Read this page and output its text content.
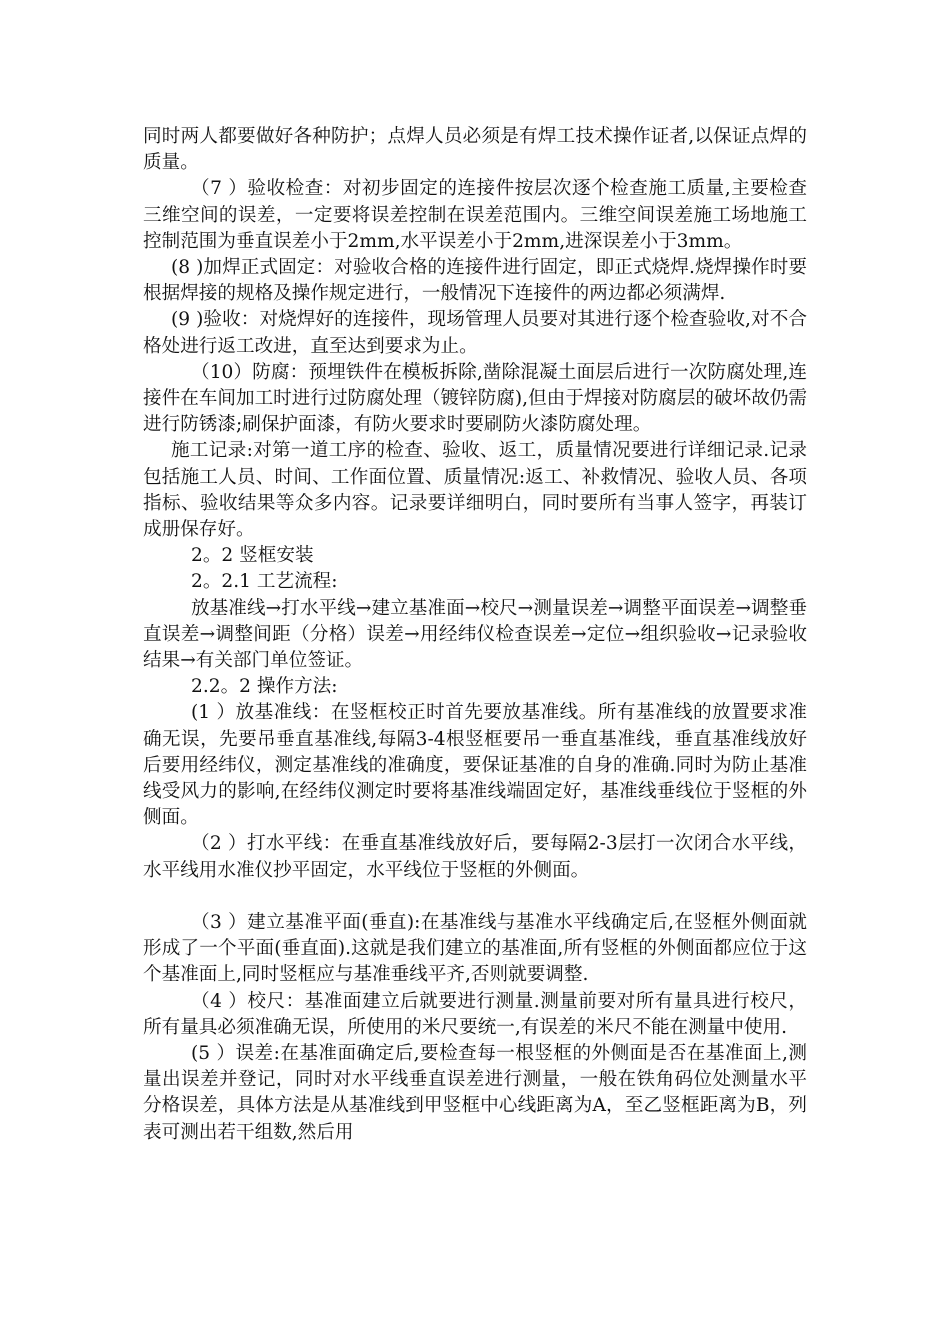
同时两人都要做好各种防护；点焊人员必须是有焊工技术操作证者,以保证点焊的质量。

（7 ）验收检查：对初步固定的连接件按层次逐个检查施工质量,主要检查三维空间的误差，一定要将误差控制在误差范围内。三维空间误差施工场地施工控制范围为垂直误差小于2mm,水平误差小于2mm,进深误差小于3mm。

(8 )加焊正式固定：对验收合格的连接件进行固定，即正式烧焊.烧焊操作时要根据焊接的规格及操作规定进行，一般情况下连接件的两边都必须满焊.

(9 )验收：对烧焊好的连接件，现场管理人员要对其进行逐个检查验收,对不合格处进行返工改进，直至达到要求为止。

（10）防腐：预埋铁件在模板拆除,凿除混凝土面层后进行一次防腐处理,连接件在车间加工时进行过防腐处理（镀锌防腐),但由于焊接对防腐层的破坏故仍需进行防锈漆;刷保护面漆，有防火要求时要刷防火漆防腐处理。

施工记录:对第一道工序的检查、验收、返工，质量情况要进行详细记录.记录包括施工人员、时间、工作面位置、质量情况:返工、补救情况、验收人员、各项指标、验收结果等众多内容。记录要详细明白，同时要所有当事人签字，再装订成册保存好。

2。2 竖框安装

2。2.1 工艺流程:

放基准线→打水平线→建立基准面→校尺→测量误差→调整平面误差→调整垂直误差→调整间距（分格）误差→用经纬仪检查误差→定位→组织验收→记录验收结果→有关部门单位签证。

2.2。2 操作方法:

(1 ）放基准线：在竖框校正时首先要放基准线。所有基准线的放置要求准确无误，先要吊垂直基准线,每隔3-4根竖框要吊一垂直基准线，垂直基准线放好后要用经纬仪，测定基准线的准确度，要保证基准的自身的准确.同时为防止基准线受风力的影响,在经纬仪测定时要将基准线端固定好，基准线垂线位于竖框的外侧面。

（2 ）打水平线：在垂直基准线放好后，要每隔2-3层打一次闭合水平线，水平线用水准仪抄平固定，水平线位于竖框的外侧面。

（3 ）建立基准平面(垂直):在基准线与基准水平线确定后,在竖框外侧面就形成了一个平面(垂直面).这就是我们建立的基准面,所有竖框的外侧面都应位于这个基准面上,同时竖框应与基准垂线平齐,否则就要调整.

（4 ）校尺：基准面建立后就要进行测量.测量前要对所有量具进行校尺，所有量具必须准确无误，所使用的米尺要统一,有误差的米尺不能在测量中使用.

(5 ）误差:在基准面确定后,要检查每一根竖框的外侧面是否在基准面上,测量出误差并登记，同时对水平线垂直误差进行测量，一般在铁角码位处测量水平分格误差，具体方法是从基准线到甲竖框中心线距离为A，至乙竖框距离为B，列表可测出若干组数,然后用
